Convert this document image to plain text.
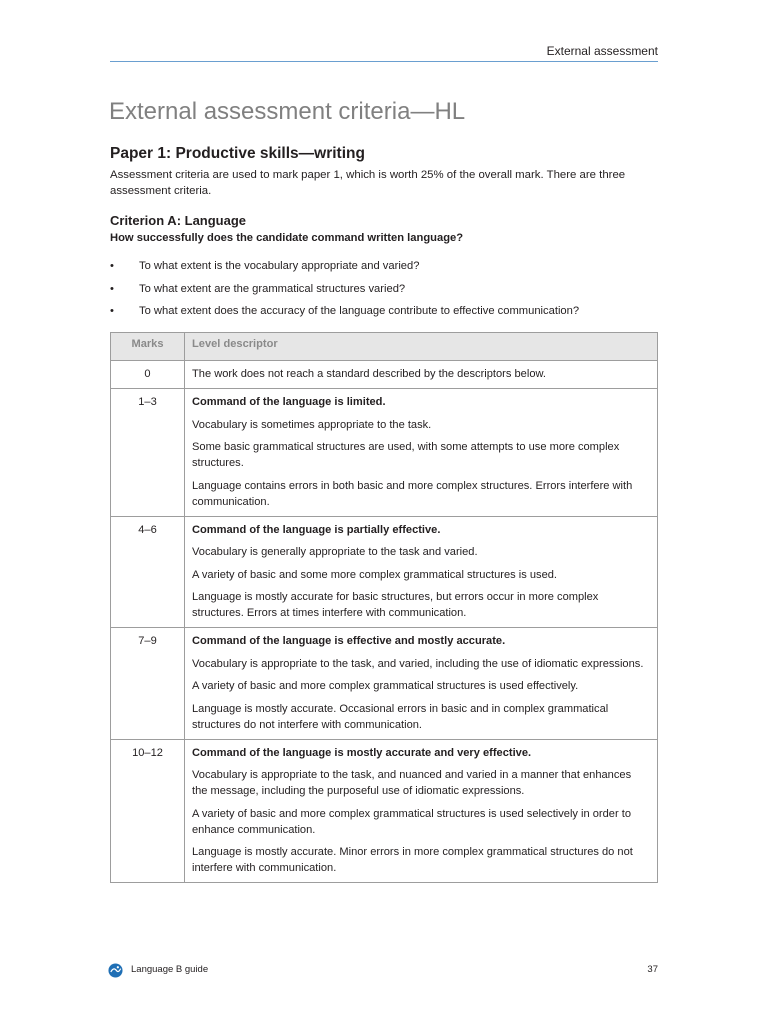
External assessment
External assessment criteria—HL
Paper 1: Productive skills—writing

Assessment criteria are used to mark paper 1, which is worth 25% of the overall mark. There are three assessment criteria.

Criterion A: Language

How successfully does the candidate command written language?

• To what extent is the vocabulary appropriate and varied?
• To what extent are the grammatical structures varied?
• To what extent does the accuracy of the language contribute to effective communication?
Marks	Level descriptor
0	The work does not reach a standard described by the descriptors below.

1–3	Command of the language is limited.

Vocabulary is sometimes appropriate to the task.

Some basic grammatical structures are used, with some attempts to use more complex structures.

Language contains errors in both basic and more complex structures. Errors interfere with communication.

4–6	Command of the language is partially effective.

Vocabulary is generally appropriate to the task and varied.

A variety of basic and some more complex grammatical structures is used.

Language is mostly accurate for basic structures, but errors occur in more complex structures. Errors at times interfere with communication.

7–9	Command of the language is effective and mostly accurate.

Vocabulary is appropriate to the task, and varied, including the use of idiomatic expressions.

A variety of basic and more complex grammatical structures is used effectively.

Language is mostly accurate. Occasional errors in basic and in complex grammatical structures do not interfere with communication.

10–12	Command of the language is mostly accurate and very effective.

Vocabulary is appropriate to the task, and nuanced and varied in a manner that enhances the message, including the purposeful use of idiomatic expressions.

A variety of basic and more complex grammatical structures is used selectively in order to enhance communication.

Language is mostly accurate. Minor errors in more complex grammatical structures do not interfere with communication.

Language B guide	37
